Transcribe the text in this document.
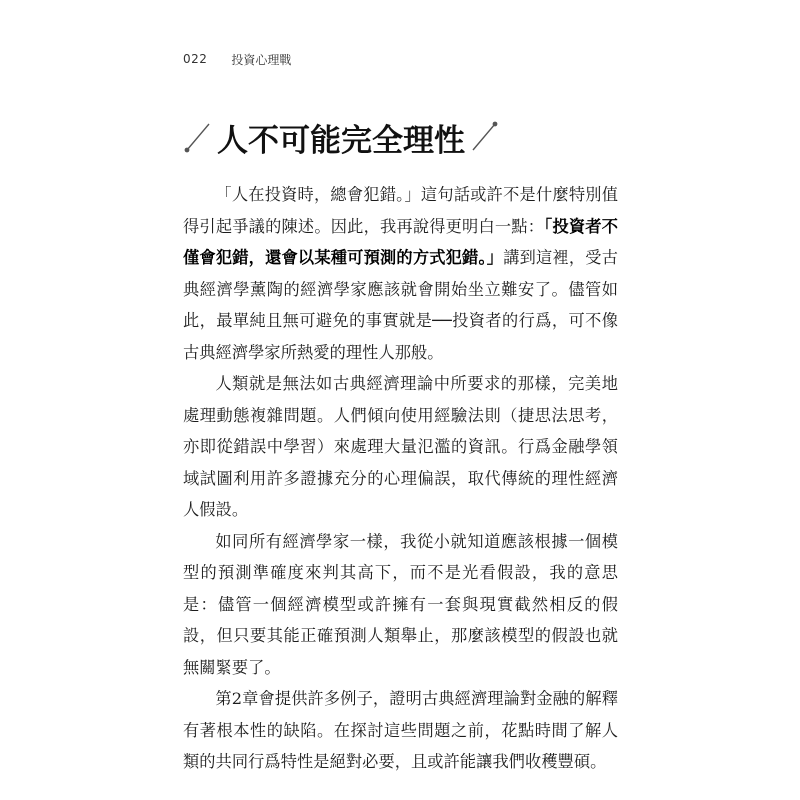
022 投資心理戰
人不可能完全理性

「人在投資時，總會犯錯。」這句話或許不是什麼特別值得引起爭議的陳述。因此，我再說得更明白一點：「投資者不僅會犯錯，還會以某種可預測的方式犯錯。」講到這裡，受古典經濟學薰陶的經濟學家應該就會開始坐立難安了。儘管如此，最單純且無可避免的事實就是──投資者的行爲，可不像古典經濟學家所熱愛的理性人那般。

人類就是無法如古典經濟理論中所要求的那樣，完美地處理動態複雜問題。人們傾向使用經驗法則（捷思法思考，亦即從錯誤中學習）來處理大量氾濫的資訊。行爲金融學領域試圖利用許多證據充分的心理偏誤，取代傳統的理性經濟人假設。

如同所有經濟學家一樣，我從小就知道應該根據一個模型的預測準確度來判其高下，而不是光看假設，我的意思是：儘管一個經濟模型或許擁有一套與現實截然相反的假設，但只要其能正確預測人類舉止，那麼該模型的假設也就無關緊要了。

第2章會提供許多例子，證明古典經濟理論對金融的解釋有著根本性的缺陷。在探討這些問題之前，花點時間了解人類的共同行爲特性是絕對必要，且或許能讓我們收穫豐碩。
